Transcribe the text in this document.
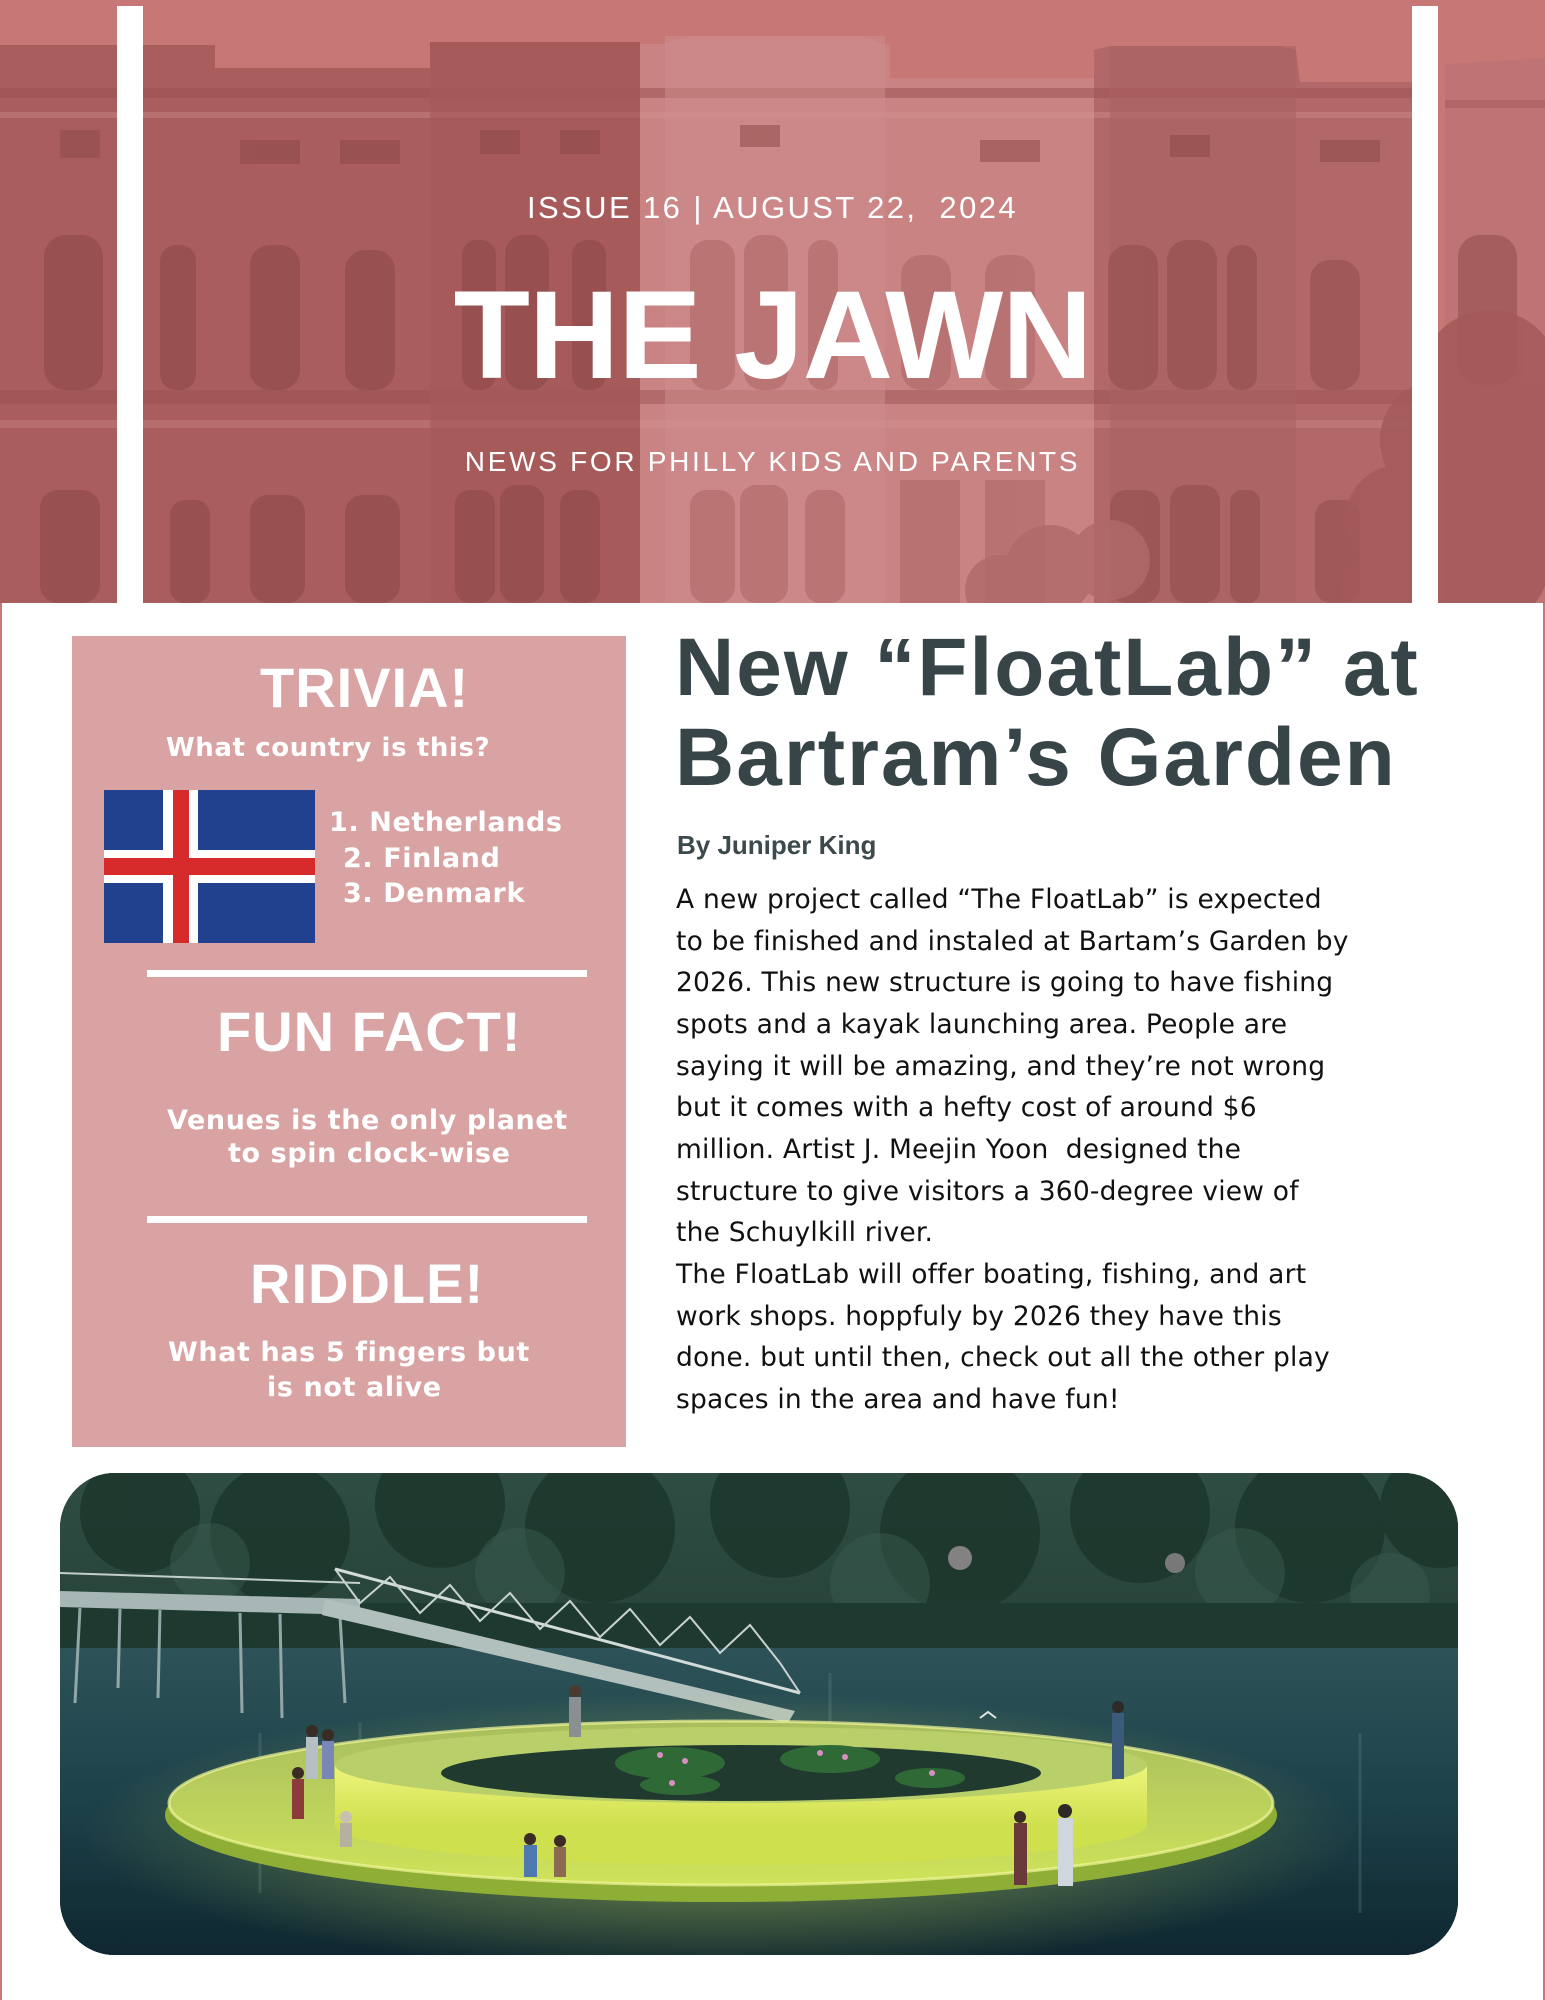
ISSUE 16 | AUGUST 22,  2024
THE JAWN
NEWS FOR PHILLY KIDS AND PARENTS
TRIVIA!
What country is this?
1. Netherlands
2. Finland
3. Denmark
FUN FACT!
Venues is the only planet
to spin clock-wise
RIDDLE!
What has 5 fingers but
is not alive
New “FloatLab” at
Bartram’s Garden
By Juniper King
A new project called “The FloatLab” is expected
to be finished and instaled at Bartam’s Garden by
2026. This new structure is going to have fishing
spots and a kayak launching area. People are
saying it will be amazing, and they’re not wrong
but it comes with a hefty cost of around $6
million. Artist J. Meejin Yoon  designed the
structure to give visitors a 360-degree view of
the Schuylkill river.
The FloatLab will offer boating, fishing, and art
work shops. hoppfuly by 2026 they have this
done. but until then, check out all the other play
spaces in the area and have fun!
